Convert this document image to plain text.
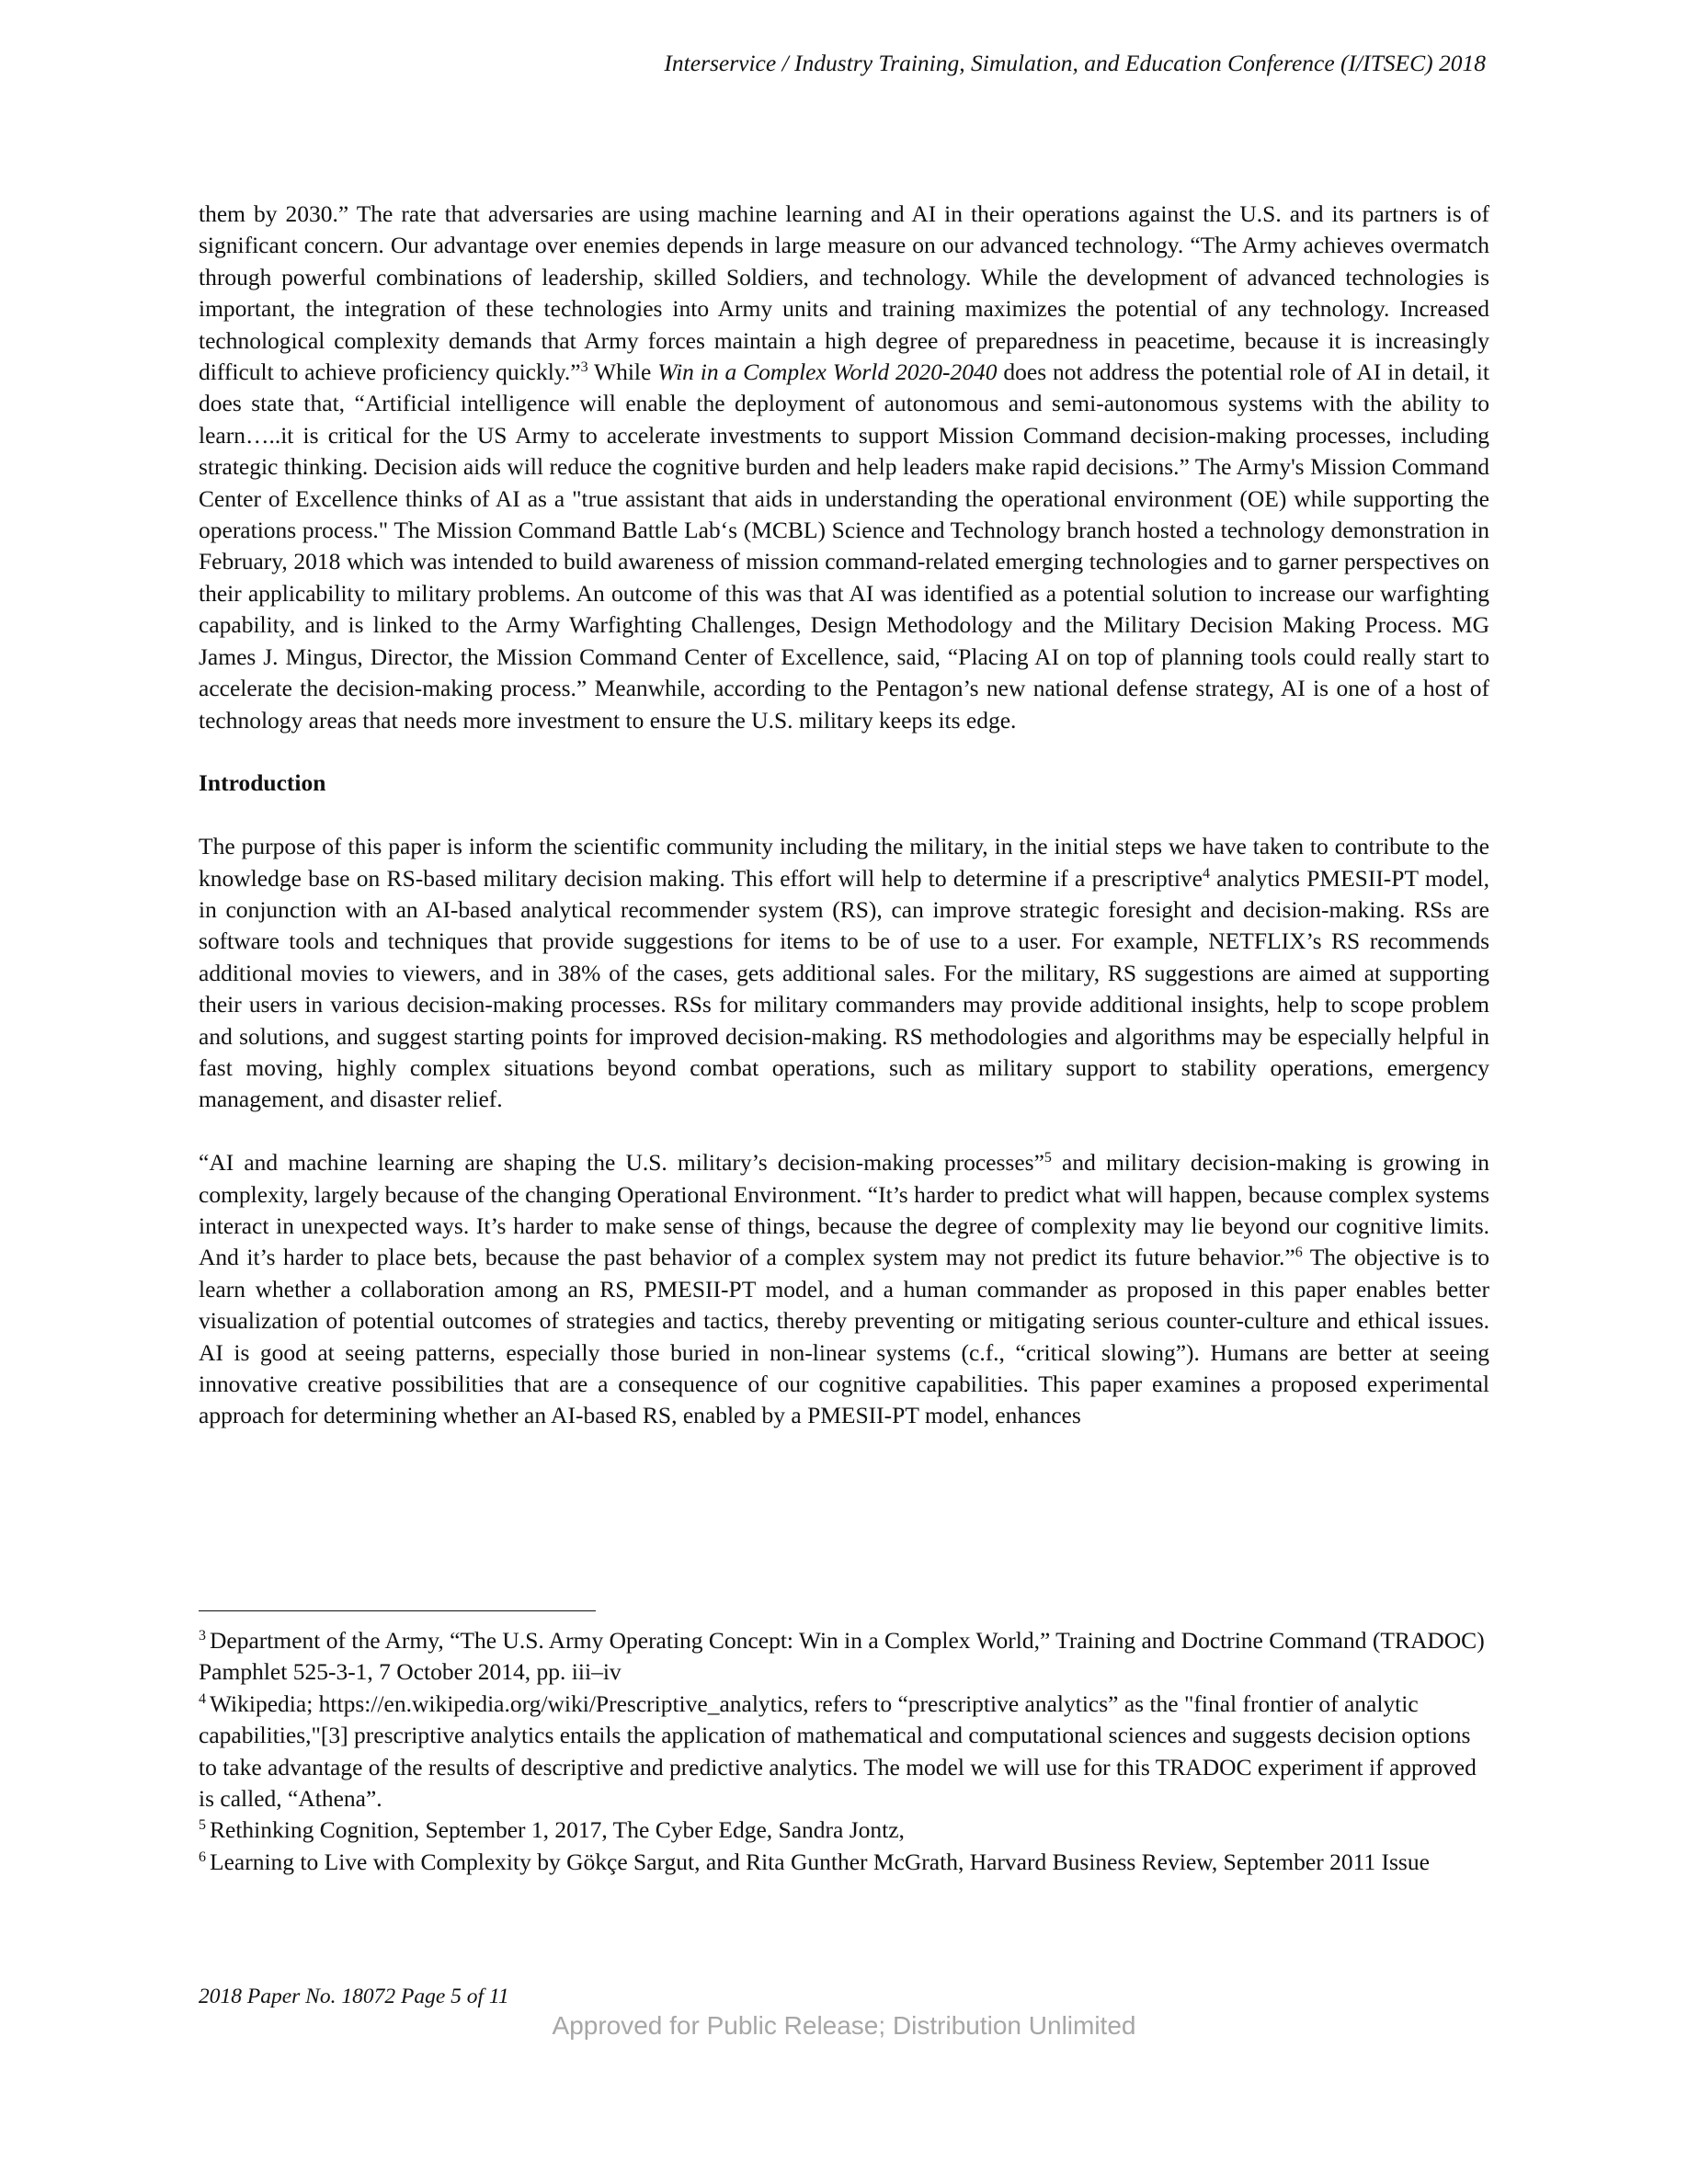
Interservice / Industry Training, Simulation, and Education Conference (I/ITSEC) 2018

them by 2030.” The rate that adversaries are using machine learning and AI in their operations against the U.S. and its partners is of significant concern. Our advantage over enemies depends in large measure on our advanced technology. “The Army achieves overmatch through powerful combinations of leadership, skilled Soldiers, and technology. While the development of advanced technologies is important, the integration of these technologies into Army units and training maximizes the potential of any technology. Increased technological complexity demands that Army forces maintain a high degree of preparedness in peacetime, because it is increasingly difficult to achieve proficiency quickly.”$^3$ While Win in a Complex World 2020-2040 does not address the potential role of AI in detail, it does state that, “Artificial intelligence will enable the deployment of autonomous and semi-autonomous systems with the ability to learn…..it is critical for the US Army to accelerate investments to support Mission Command decision-making processes, including strategic thinking. Decision aids will reduce the cognitive burden and help leaders make rapid decisions.” The Army's Mission Command Center of Excellence thinks of AI as a "true assistant that aids in understanding the operational environment (OE) while supporting the operations process." The Mission Command Battle Lab‘s (MCBL) Science and Technology branch hosted a technology demonstration in February, 2018 which was intended to build awareness of mission command-related emerging technologies and to garner perspectives on their applicability to military problems. An outcome of this was that AI was identified as a potential solution to increase our warfighting capability, and is linked to the Army Warfighting Challenges, Design Methodology and the Military Decision Making Process. MG James J. Mingus, Director, the Mission Command Center of Excellence, said, “Placing AI on top of planning tools could really start to accelerate the decision-making process.” Meanwhile, according to the Pentagon’s new national defense strategy, AI is one of a host of technology areas that needs more investment to ensure the U.S. military keeps its edge.

Introduction

The purpose of this paper is inform the scientific community including the military, in the initial steps we have taken to contribute to the knowledge base on RS-based military decision making. This effort will help to determine if a prescriptive$^4$ analytics PMESII-PT model, in conjunction with an AI-based analytical recommender system (RS), can improve strategic foresight and decision-making. RSs are software tools and techniques that provide suggestions for items to be of use to a user. For example, NETFLIX’s RS recommends additional movies to viewers, and in 38% of the cases, gets additional sales. For the military, RS suggestions are aimed at supporting their users in various decision-making processes. RSs for military commanders may provide additional insights, help to scope problem and solutions, and suggest starting points for improved decision-making. RS methodologies and algorithms may be especially helpful in fast moving, highly complex situations beyond combat operations, such as military support to stability operations, emergency management, and disaster relief.

“AI and machine learning are shaping the U.S. military’s decision-making processes”$^5$ and military decision-making is growing in complexity, largely because of the changing Operational Environment. “It’s harder to predict what will happen, because complex systems interact in unexpected ways. It’s harder to make sense of things, because the degree of complexity may lie beyond our cognitive limits. And it’s harder to place bets, because the past behavior of a complex system may not predict its future behavior.”$^6$ The objective is to learn whether a collaboration among an RS, PMESII-PT model, and a human commander as proposed in this paper enables better visualization of potential outcomes of strategies and tactics, thereby preventing or mitigating serious counter-culture and ethical issues. AI is good at seeing patterns, especially those buried in non-linear systems (c.f., “critical slowing”). Humans are better at seeing innovative creative possibilities that are a consequence of our cognitive capabilities. This paper examines a proposed experimental approach for determining whether an AI-based RS, enabled by a PMESII-PT model, enhances

$^3$ Department of the Army, “The U.S. Army Operating Concept: Win in a Complex World,” Training and Doctrine Command (TRADOC) Pamphlet 525-3-1, 7 October 2014, pp. iii–iv

$^4$ Wikipedia; https://en.wikipedia.org/wiki/Prescriptive_analytics, refers to “prescriptive analytics” as the "final frontier of analytic capabilities,"[3] prescriptive analytics entails the application of mathematical and computational sciences and suggests decision options to take advantage of the results of descriptive and predictive analytics. The model we will use for this TRADOC experiment if approved is called, “Athena”.

$^5$ Rethinking Cognition, September 1, 2017, The Cyber Edge, Sandra Jontz,

$^6$ Learning to Live with Complexity by Gökçe Sargut, and Rita Gunther McGrath, Harvard Business Review, September 2011 Issue

2018 Paper No. 18072 Page 5 of 11
Approved for Public Release; Distribution Unlimited
